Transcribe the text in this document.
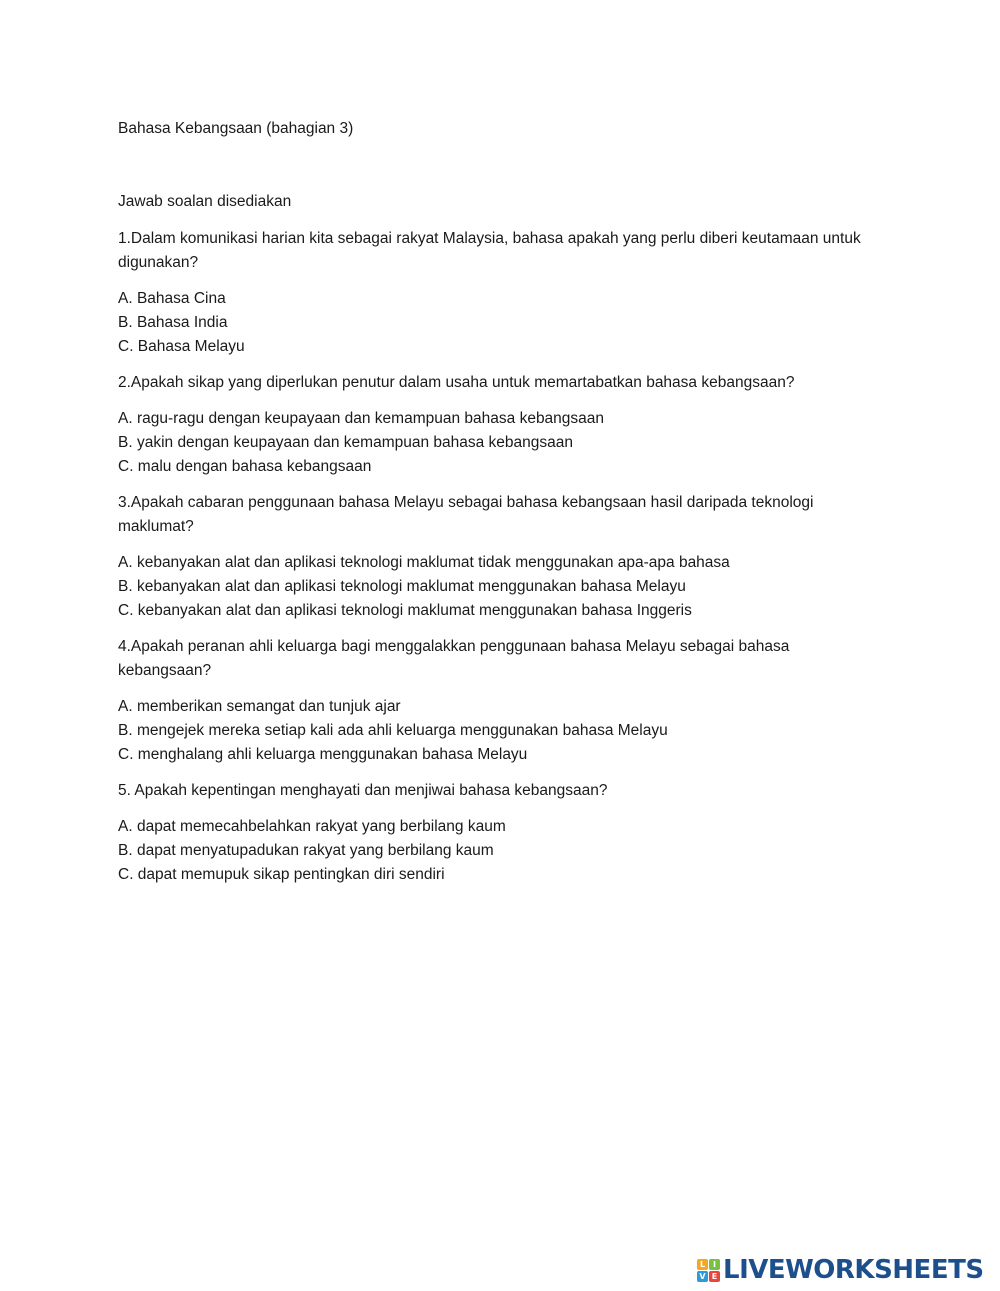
Bahasa Kebangsaan (bahagian 3)
Jawab soalan disediakan

1.Dalam komunikasi harian kita sebagai rakyat Malaysia, bahasa apakah yang perlu diberi keutamaan untuk digunakan?

A. Bahasa Cina

B. Bahasa India

C. Bahasa Melayu

2.Apakah sikap yang diperlukan penutur dalam usaha untuk memartabatkan bahasa kebangsaan?

A. ragu-ragu dengan keupayaan dan kemampuan bahasa kebangsaan

B. yakin dengan keupayaan dan kemampuan bahasa kebangsaan

C. malu dengan bahasa kebangsaan

3.Apakah cabaran penggunaan bahasa Melayu sebagai bahasa kebangsaan hasil daripada teknologi maklumat?

A. kebanyakan alat dan aplikasi teknologi maklumat tidak menggunakan apa-apa bahasa

B. kebanyakan alat dan aplikasi teknologi maklumat menggunakan bahasa Melayu

C. kebanyakan alat dan aplikasi teknologi maklumat menggunakan bahasa Inggeris

4.Apakah peranan ahli keluarga bagi menggalakkan penggunaan bahasa Melayu sebagai bahasa kebangsaan?

A. memberikan semangat dan tunjuk ajar

B. mengejek mereka setiap kali ada ahli keluarga menggunakan bahasa Melayu

C. menghalang ahli keluarga menggunakan bahasa Melayu

5. Apakah kepentingan menghayati dan menjiwai bahasa kebangsaan?

A. dapat memecahbelahkan rakyat yang berbilang kaum

B. dapat menyatupadukan rakyat yang berbilang kaum

C. dapat memupuk sikap pentingkan diri sendiri

L I
V E LIVEWORKSHEETS
